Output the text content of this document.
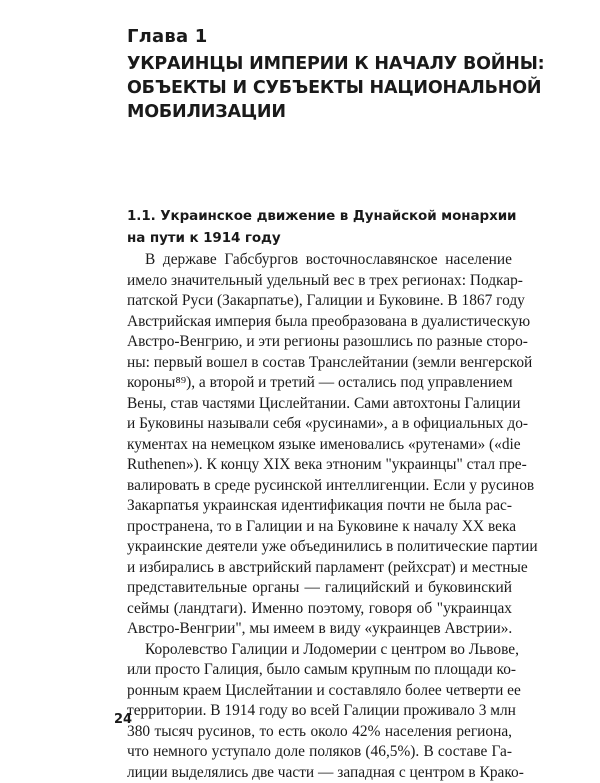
Глава 1
УКРАИНЦЫ ИМПЕРИИ К НАЧАЛУ ВОЙНЫ:
ОБЪЕКТЫ И СУБЪЕКТЫ НАЦИОНАЛЬНОЙ
МОБИЛИЗАЦИИ
1.1. Украинское движение в Дунайской монархии
на пути к 1914 году
В державе Габсбургов восточнославянское население
имело значительный удельный вес в трех регионах: Подкар-
патской Руси (Закарпатье), Галиции и Буковине. В 1867 году
Австрийская империя была преобразована в дуалистическую
Австро-Венгрию, и эти регионы разошлись по разные сторо-
ны: первый вошел в состав Транслейтании (земли венгерской
короны⁸⁹), а второй и третий — остались под управлением
Вены, став частями Цислейтании. Сами автохтоны Галиции
и Буковины называли себя «русинами», а в официальных до-
кументах на немецком языке именовались «рутенами» («die
Ruthenen»). К концу XIX века этноним "украинцы" стал пре-
валировать в среде русинской интеллигенции. Если у русинов
Закарпатья украинская идентификация почти не была рас-
пространена, то в Галиции и на Буковине к началу XX века
украинские деятели уже объединились в политические партии
и избирались в австрийский парламент (рейхсрат) и местные
представительные органы — галицийский и буковинский
сеймы (ландтаги). Именно поэтому, говоря об "украинцах
Австро-Венгрии", мы имеем в виду «украинцев Австрии».
Королевство Галиции и Лодомерии с центром во Львове,
или просто Галиция, было самым крупным по площади ко-
ронным краем Цислейтании и составляло более четверти ее
территории. В 1914 году во всей Галиции проживало 3 млн
380 тысяч русинов, то есть около 42% населения региона,
что немного уступало доле поляков (46,5%). В составе Га-
лиции выделялись две части — западная с центром в Крако-
24
